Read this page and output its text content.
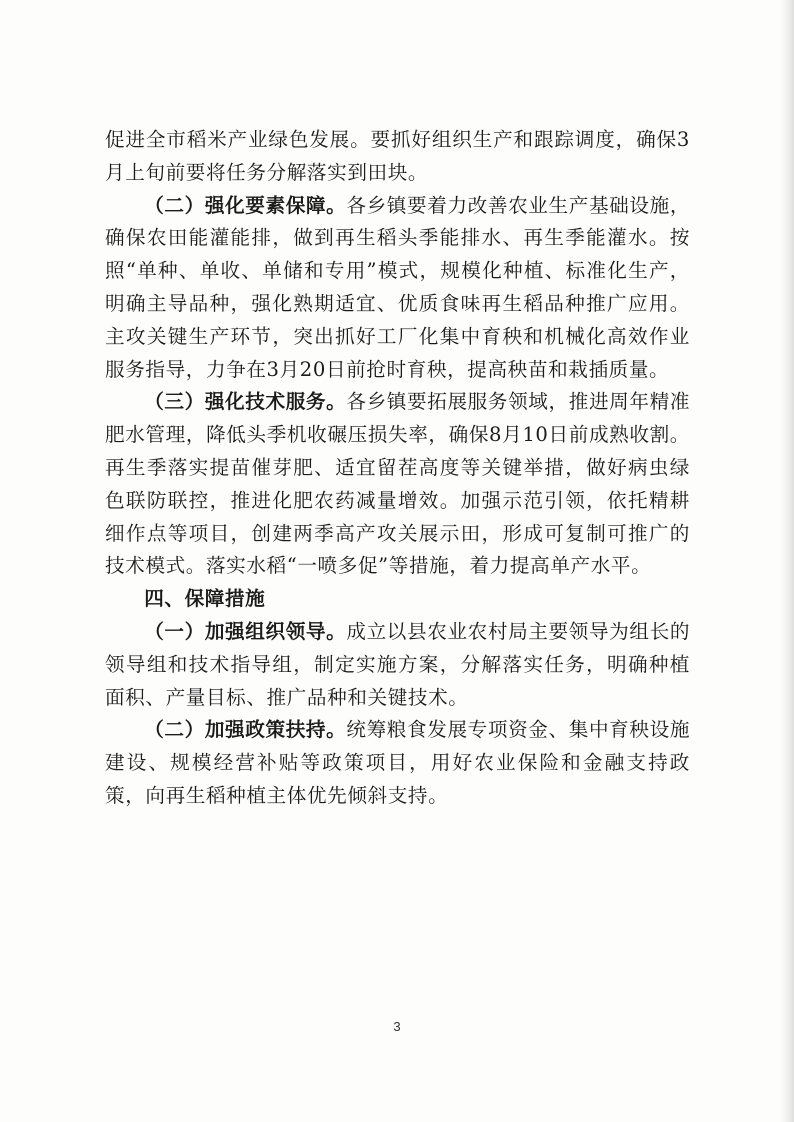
促进全市稻米产业绿色发展。要抓好组织生产和跟踪调度，确保3月上旬前要将任务分解落实到田块。

（二）强化要素保障。各乡镇要着力改善农业生产基础设施，确保农田能灌能排，做到再生稻头季能排水、再生季能灌水。按照“单种、单收、单储和专用”模式，规模化种植、标准化生产，明确主导品种，强化熟期适宜、优质食味再生稻品种推广应用。主攻关键生产环节，突出抓好工厂化集中育秧和机械化高效作业服务指导，力争在3月20日前抢时育秧，提高秧苗和栽插质量。

（三）强化技术服务。各乡镇要拓展服务领域，推进周年精准肥水管理，降低头季机收碾压损失率，确保8月10日前成熟收割。再生季落实提苗催芽肥、适宜留茬高度等关键举措，做好病虫绿色联防联控，推进化肥农药减量增效。加强示范引领，依托精耕细作点等项目，创建两季高产攻关展示田，形成可复制可推广的技术模式。落实水稻“一喷多促”等措施，着力提高单产水平。

四、保障措施

（一）加强组织领导。成立以县农业农村局主要领导为组长的领导组和技术指导组，制定实施方案，分解落实任务，明确种植面积、产量目标、推广品种和关键技术。

（二）加强政策扶持。统筹粮食发展专项资金、集中育秧设施建设、规模经营补贴等政策项目，用好农业保险和金融支持政策，向再生稻种植主体优先倾斜支持。

3
